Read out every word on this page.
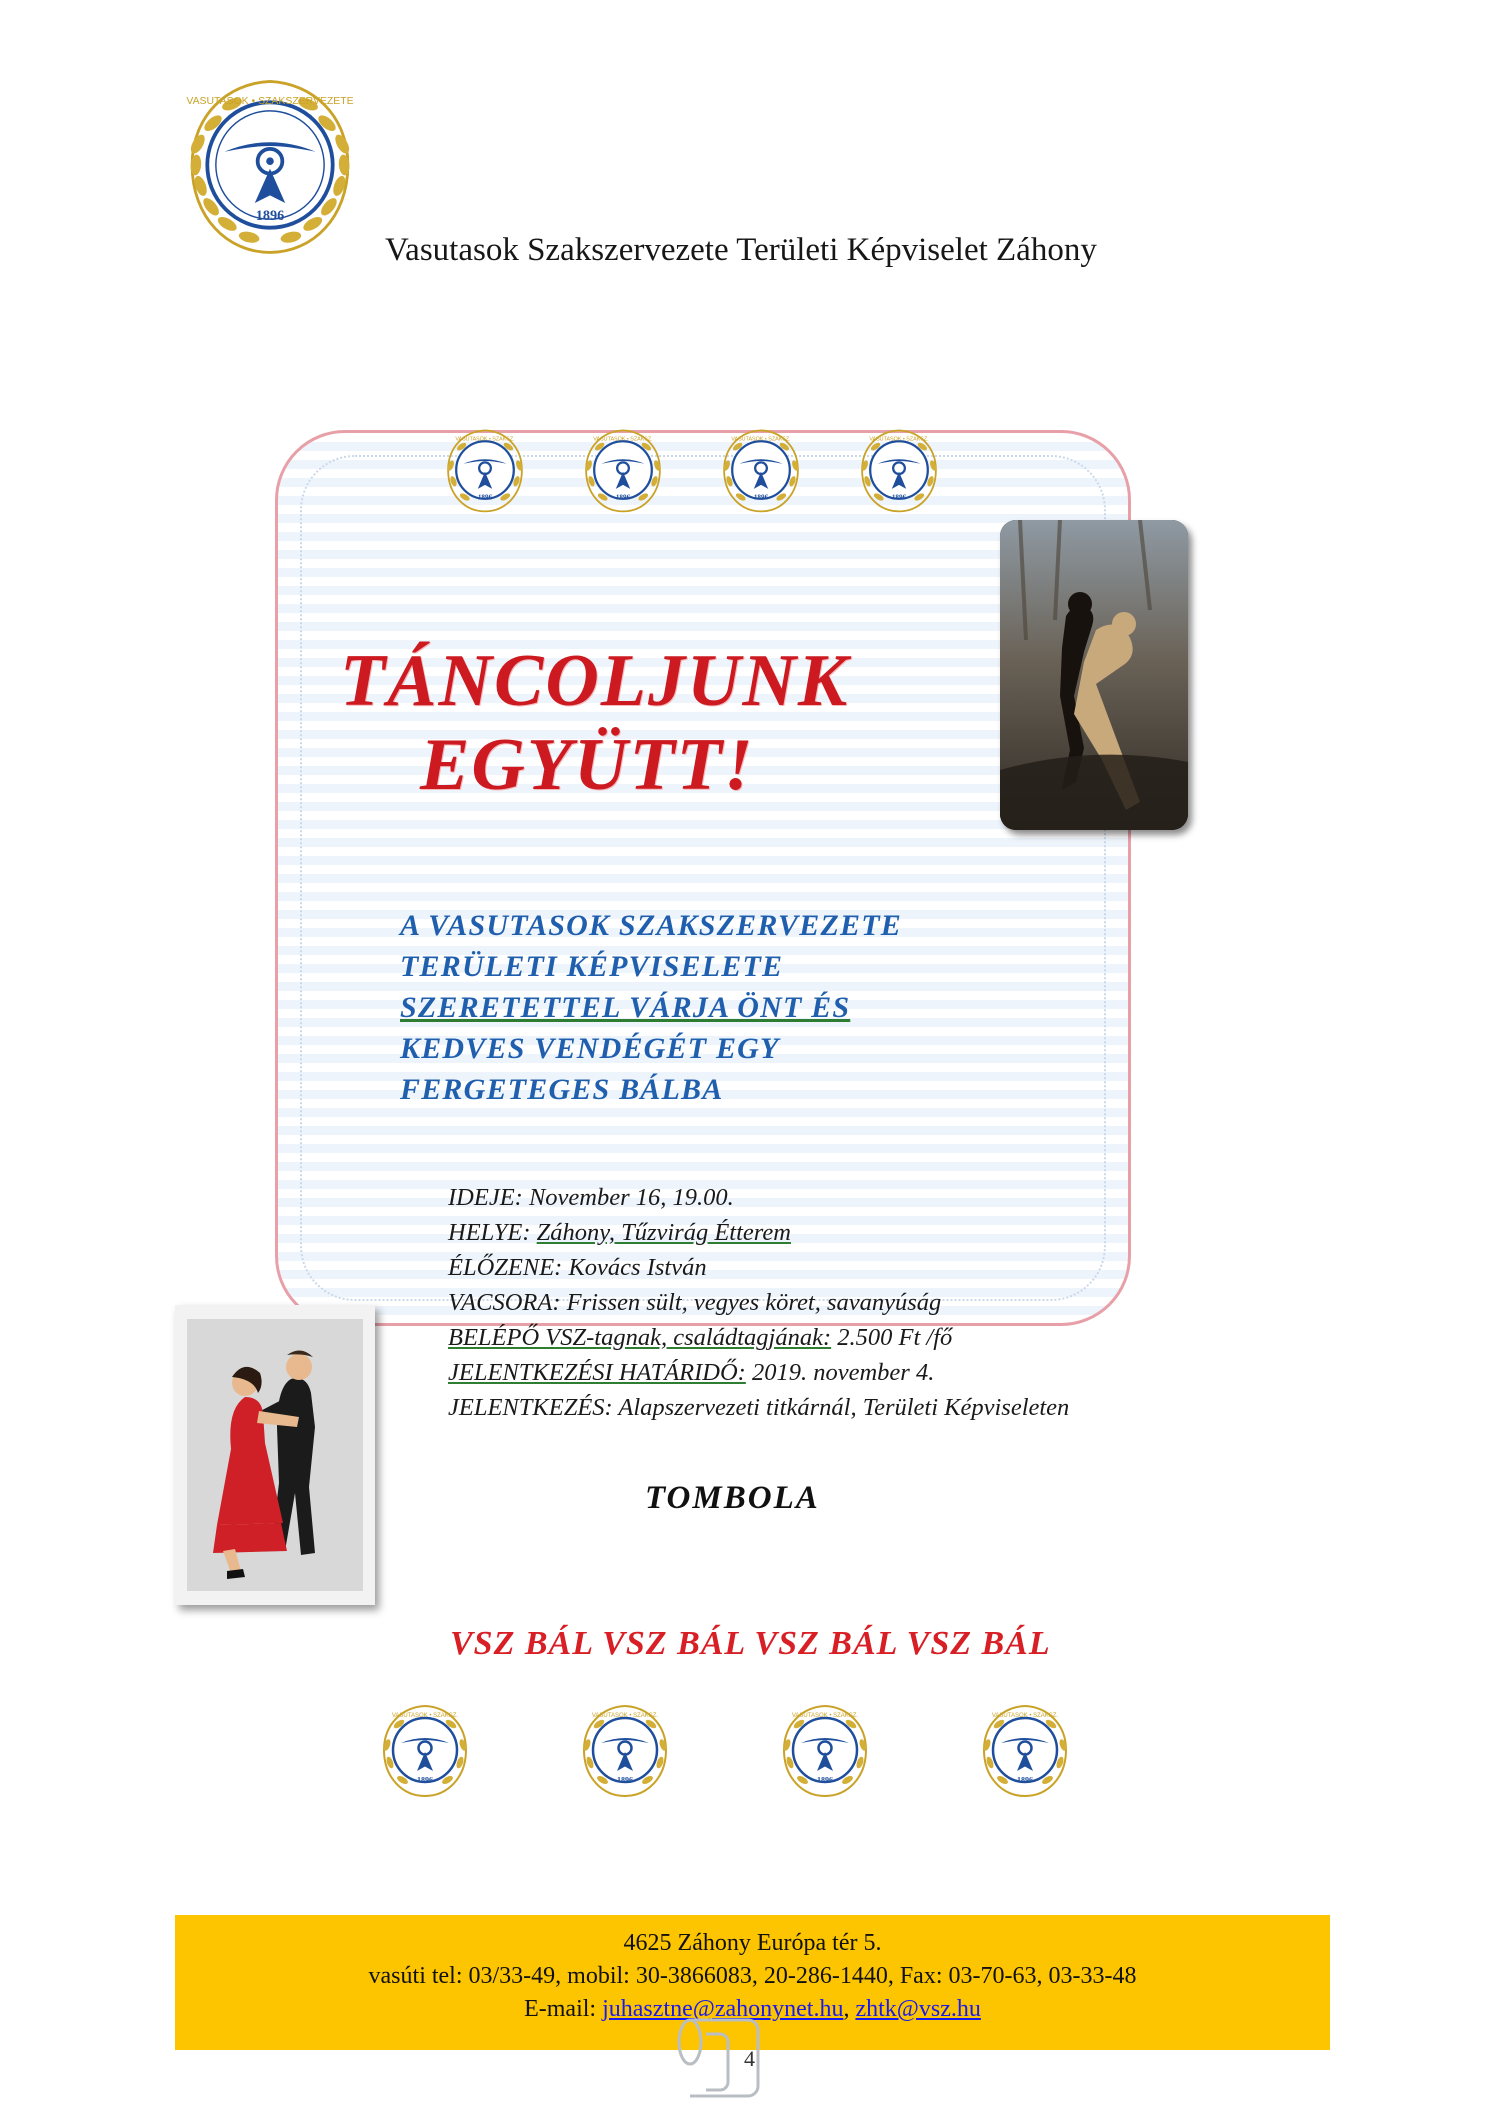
1896
VASUTASOK • SZAKSZERVEZETE
Vasutasok Szakszervezete Területi Képviselet Záhony
1896
VASUTASOK • SZAKSZ.
1896
VASUTASOK • SZAKSZ.
1896
VASUTASOK • SZAKSZ.
1896
VASUTASOK • SZAKSZ.
TÁNCOLJUNK
EGYÜTT!
A VASUTASOK SZAKSZERVEZETE
TERÜLETI KÉPVISELETE
SZERETETTEL VÁRJA ÖNT ÉS
KEDVES VENDÉGÉT EGY
FERGETEGES BÁLBA
IDEJE: November 16, 19.00.
HELYE: Záhony, Tűzvirág Étterem
ÉLŐZENE: Kovács István
VACSORA: Frissen sült, vegyes köret, savanyúság
BELÉPŐ VSZ-tagnak, családtagjának: 2.500 Ft /fő
JELENTKEZÉSI HATÁRIDŐ: 2019. november 4.
JELENTKEZÉS: Alapszervezeti titkárnál, Területi Képviseleten
TOMBOLA
VSZ BÁL VSZ BÁL VSZ BÁL VSZ BÁL
1896
VASUTASOK • SZAKSZ.
1896
VASUTASOK • SZAKSZ.
1896
VASUTASOK • SZAKSZ.
1896
VASUTASOK • SZAKSZ.
4625 Záhony Európa tér 5.
vasúti tel: 03/33-49, mobil: 30-3866083, 20-286-1440, Fax: 03-70-63, 03-33-48
E-mail: juhasztne@zahonynet.hu, zhtk@vsz.hu
4
